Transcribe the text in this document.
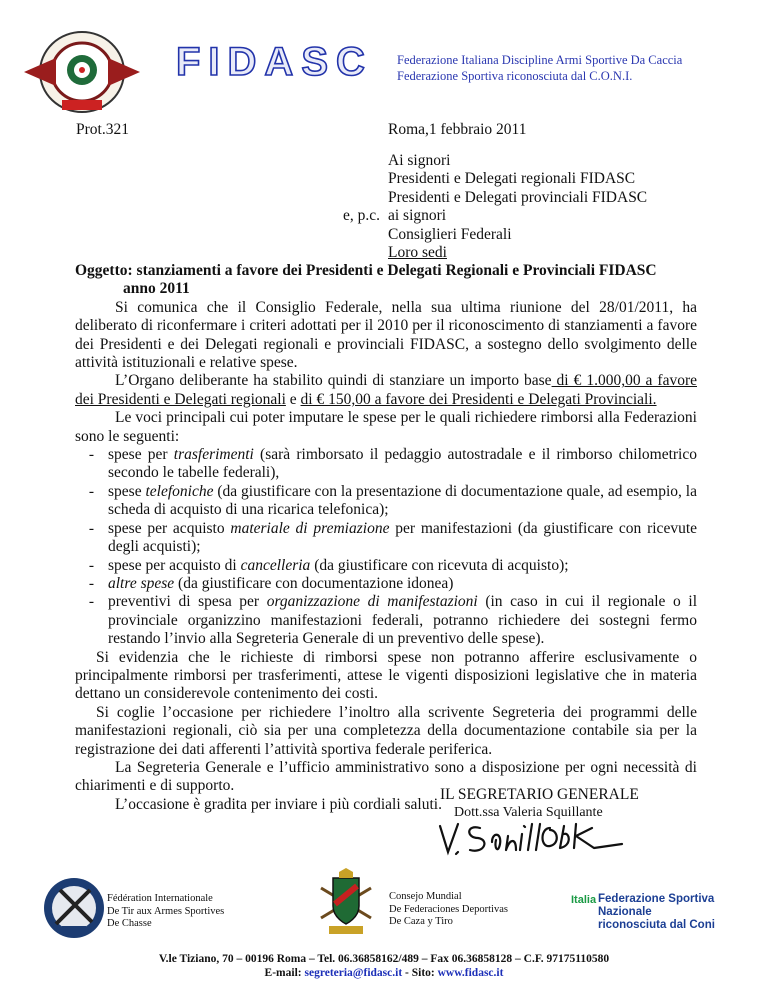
FIDASC Federazione Italiana Discipline Armi Sportive Da Caccia
Federazione Sportiva riconosciuta dal C.O.N.I.
Prot.321	Roma,1 febbraio 2011
Ai signori
Presidenti e Delegati regionali FIDASC
Presidenti e Delegati provinciali FIDASC
ai signori
Consiglieri Federali
Loro sedi
e, p.c.

Oggetto: stanziamenti a favore dei Presidenti e Delegati Regionali e Provinciali FIDASC

anno 2011

Si comunica che il Consiglio Federale, nella sua ultima riunione del 28/01/2011, ha deliberato di riconfermare i criteri adottati per il 2010 per il riconoscimento di stanziamenti a favore dei Presidenti e dei Delegati regionali e provinciali FIDASC, a sostegno dello svolgimento delle attività istituzionali e relative spese.

L’Organo deliberante ha stabilito quindi di stanziare un importo base di € 1.000,00 a favore dei Presidenti e Delegati regionali e di € 150,00 a favore dei Presidenti e Delegati Provinciali.

Le voci principali cui poter imputare le spese per le quali richiedere rimborsi alla Federazioni sono le seguenti:

- spese per trasferimenti (sarà rimborsato il pedaggio autostradale e il rimborso chilometrico secondo le tabelle federali),
- spese telefoniche (da giustificare con la presentazione di documentazione quale, ad esempio, la scheda di acquisto di una ricarica telefonica);
- spese per acquisto materiale di premiazione per manifestazioni (da giustificare con ricevute degli acquisti);
- spese per acquisto di cancelleria (da giustificare con ricevuta di acquisto);
- altre spese (da giustificare con documentazione idonea)
- preventivi di spesa per organizzazione di manifestazioni (in caso in cui il regionale o il provinciale organizzino manifestazioni federali, potranno richiedere dei sostegni fermo restando l’invio alla Segreteria Generale di un preventivo delle spese).

Si evidenzia che le richieste di rimborsi spese non potranno afferire esclusivamente o principalmente rimborsi per trasferimenti, attese le vigenti disposizioni legislative che in materia dettano un considerevole contenimento dei costi.

Si coglie l’occasione per richiedere l’inoltro alla scrivente Segreteria dei programmi delle manifestazioni regionali, ciò sia per una completezza della documentazione contabile sia per la registrazione dei dati afferenti l’attività sportiva federale periferica.

La Segreteria Generale e l’ufficio amministrativo sono a disposizione per ogni necessità di chiarimenti e di supporto.

L’occasione è gradita per inviare i più cordiali saluti.

IL SEGRETARIO GENERALE
Dott.ssa Valeria Squillante
Fédération Internationale
De Tir aux Armes Sportives
De Chasse
Consejo Mundial
De Federaciones Deportivas
De Caza y Tiro
Italia Federazione Sportiva Nazionale
riconosciuta dal Coni
V.le Tiziano, 70 – 00196 Roma – Tel. 06.36858162/489 – Fax 06.36858128 – C.F. 97175110580
E-mail: segreteria@fidasc.it - Sito: www.fidasc.it
